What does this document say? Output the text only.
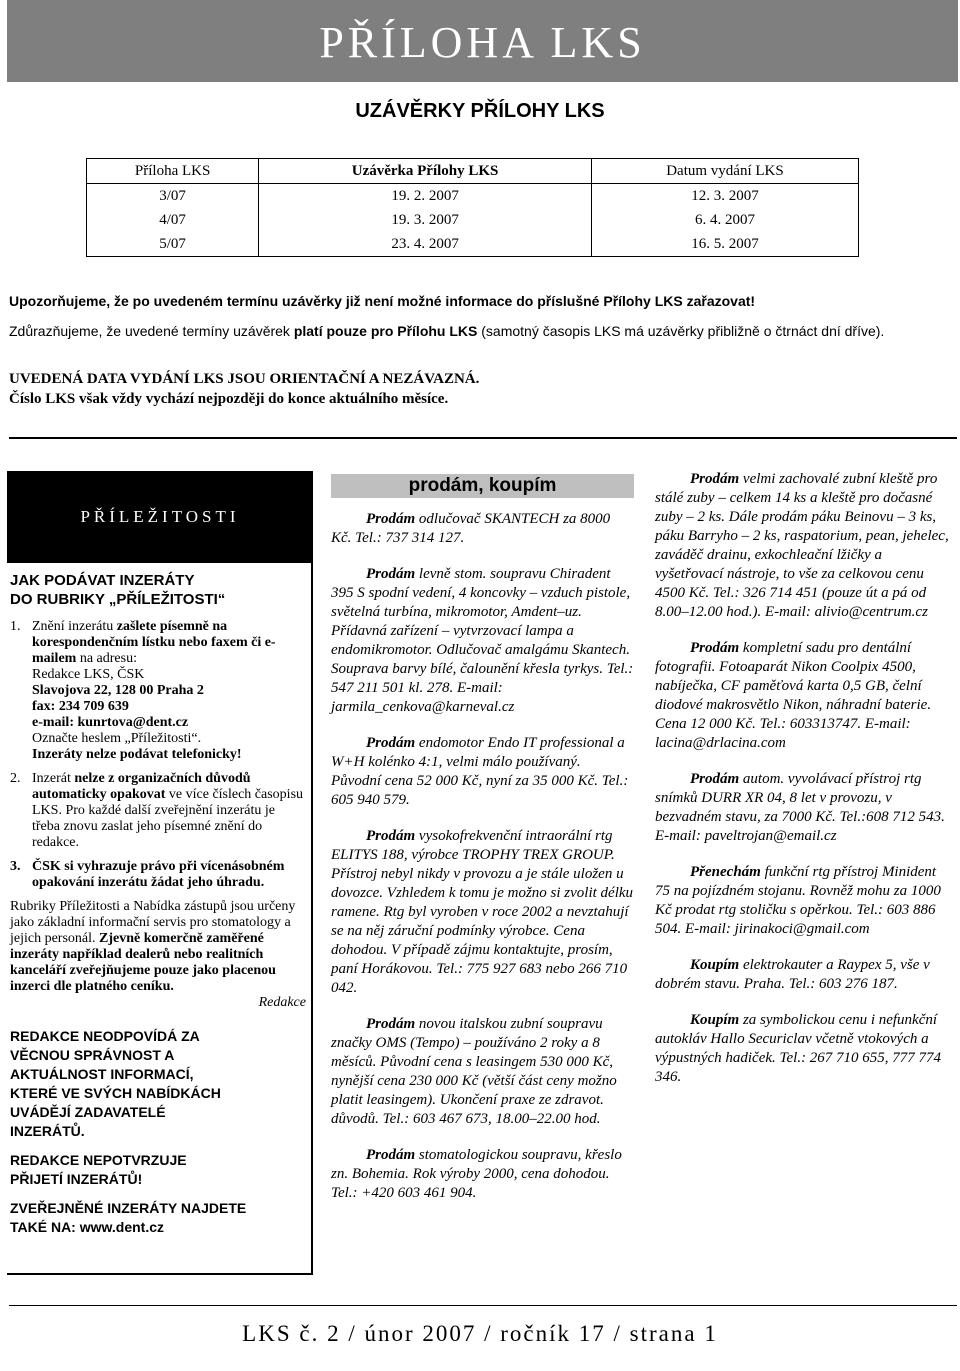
PŘÍLOHA LKS
UZÁVĚRKY PŘÍLOHY LKS
Příloha LKS	Uzávěrka Přílohy LKS	Datum vydání LKS
3/07	19. 2. 2007	12. 3. 2007
4/07	19. 3. 2007	6. 4. 2007
5/07	23. 4. 2007	16. 5. 2007
Upozorňujeme, že po uvedeném termínu uzávěrky již není možné informace do příslušné Přílohy LKS zařazovat!
Zdůrazňujeme, že uvedené termíny uzávěrek platí pouze pro Přílohu LKS (samotný časopis LKS má uzávěrky přibližně o čtrnáct dní dříve).
UVEDENÁ DATA VYDÁNÍ LKS JSOU ORIENTAČNÍ A NEZÁVAZNÁ.
Číslo LKS však vždy vychází nejpozději do konce aktuálního měsíce.
PŘÍLEŽITOSTI
JAK PODÁVAT INZERÁTY
DO RUBRIKY „PŘÍLEŽITOSTI“
1. Znění inzerátu zašlete písemně na korespondenčním lístku nebo faxem či e-mailem na adresu:
Redakce LKS, ČSK
Slavojova 22, 128 00 Praha 2
fax: 234 709 639
e-mail: kunrtova@dent.cz
Označte heslem „Příležitosti“.
Inzeráty nelze podávat telefonicky!
2. Inzerát nelze z organizačních důvodů automaticky opakovat ve více číslech časopisu LKS. Pro každé další zveřejnění inzerátu je třeba znovu zaslat jeho písemné znění do redakce.
3. ČSK si vyhrazuje právo při vícenásobném opakování inzerátu žádat jeho úhradu.
Rubriky Příležitosti a Nabídka zástupů jsou určeny jako základní informační servis pro stomatology a jejich personál. Zjevně komerčně zaměřené inzeráty například dealerů nebo realitních kanceláří zveřejňujeme pouze jako placenou inzerci dle platného ceníku.
Redakce
REDAKCE NEODPOVÍDÁ ZA VĚCNOU SPRÁVNOST A AKTUÁLNOST INFORMACÍ, KTERÉ VE SVÝCH NABÍDKÁCH UVÁDĚJÍ ZADAVATELÉ INZERÁTŮ.
REDAKCE NEPOTVRZUJE PŘIJETÍ INZERÁTŮ!
ZVEŘEJNĚNÉ INZERÁTY NAJDETE TAKÉ NA: www.dent.cz
prodám, koupím

Prodám odlučovač SKANTECH za 8000 Kč. Tel.: 737 314 127.

Prodám levně stom. soupravu Chiradent 395 S spodní vedení, 4 koncovky – vzduch pistole, světelná turbína, mikromotor, Amdent–uz. Přídavná zařízení – vytvrzovací lampa a endomikromotor. Odlučovač amalgámu Skantech. Souprava barvy bílé, čalounění křesla tyrkys. Tel.: 547 211 501 kl. 278. E-mail: jarmila_cenkova@karneval.cz

Prodám endomotor Endo IT professional a W+H kolénko 4:1, velmi málo používaný. Původní cena 52 000 Kč, nyní za 35 000 Kč. Tel.: 605 940 579.

Prodám vysokofrekvenční intraorální rtg ELITYS 188, výrobce TROPHY TREX GROUP. Přístroj nebyl nikdy v provozu a je stále uložen u dovozce. Vzhledem k tomu je možno si zvolit délku ramene. Rtg byl vyroben v roce 2002 a nevztahují se na něj záruční podmínky výrobce. Cena dohodou. V případě zájmu kontaktujte, prosím, paní Horákovou. Tel.: 775 927 683 nebo 266 710 042.

Prodám novou italskou zubní soupravu značky OMS (Tempo) – používáno 2 roky a 8 měsíců. Původní cena s leasingem 530 000 Kč, nynější cena 230 000 Kč (větší část ceny možno platit leasingem). Ukončení praxe ze zdravot. důvodů. Tel.: 603 467 673, 18.00–22.00 hod.

Prodám stomatologickou soupravu, křeslo zn. Bohemia. Rok výroby 2000, cena dohodou. Tel.: +420 603 461 904.

Prodám velmi zachovalé zubní kleště pro stálé zuby – celkem 14 ks a kleště pro dočasné zuby – 2 ks. Dále prodám páku Beinovu – 3 ks, páku Barryho – 2 ks, raspatorium, pean, jehelec, zaváděč drainu, exkochleační lžičky a vyšetřovací nástroje, to vše za celkovou cenu 4500 Kč. Tel.: 326 714 451 (pouze út a pá od 8.00–12.00 hod.). E-mail: alivio@centrum.cz

Prodám kompletní sadu pro dentální fotografii. Fotoaparát Nikon Coolpix 4500, nabíječka, CF paměťová karta 0,5 GB, čelní diodové makrosvětlo Nikon, náhradní baterie. Cena 12 000 Kč. Tel.: 603313747. E-mail: lacina@drlacina.com

Prodám autom. vyvolávací přístroj rtg snímků DURR XR 04, 8 let v provozu, v bezvadném stavu, za 7000 Kč. Tel.:608 712 543. E-mail: paveltrojan@email.cz

Přenechám funkční rtg přístroj Minident 75 na pojízdném stojanu. Rovněž mohu za 1000 Kč prodat rtg stoličku s opěrkou. Tel.: 603 886 504. E-mail: jirinakoci@gmail.com

Koupím elektrokauter a Raypex 5, vše v dobrém stavu. Praha. Tel.: 603 276 187.

Koupím za symbolickou cenu i nefunkční autokláv Hallo Securiclav včetně vtokových a výpustných hadiček. Tel.: 267 710 655, 777 774 346.

LKS č. 2 / únor 2007 / ročník 17 / strana 1
